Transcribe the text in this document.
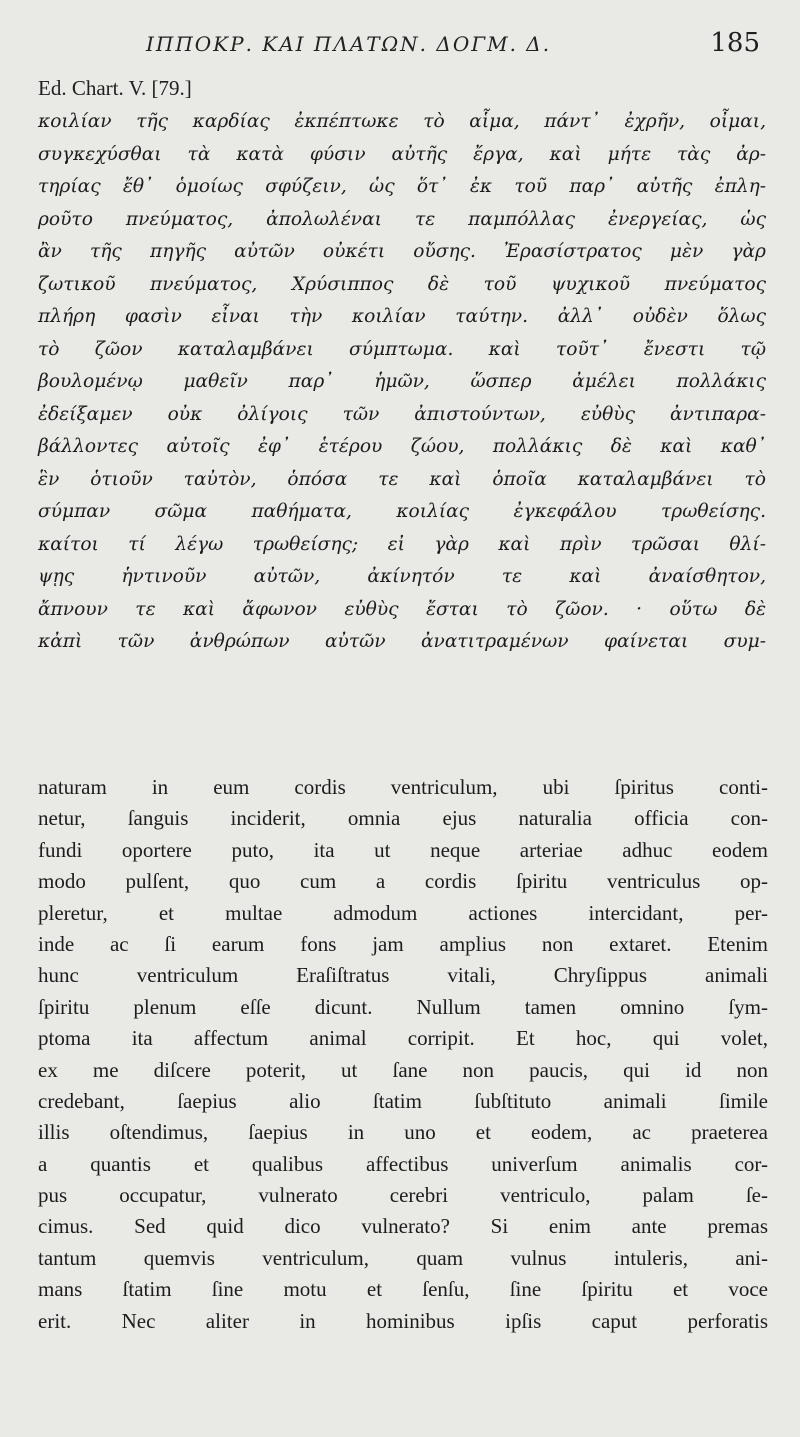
ΙΠΠΟΚΡ. ΚΑΙ ΠΛΑΤΩΝ. ΔΟΓΜ. Δ.	185
Ed. Chart. V. [79.]
κοιλίαν τῆς καρδίας ἐκπέπτωκε τὸ αἷμα, πάντ᾽ ἐχρῆν, οἶμαι,
συγκεχύσθαι τὰ κατὰ φύσιν αὐτῆς ἔργα, καὶ μήτε τὰς ἀρ-
τηρίας ἔθ᾽ ὁμοίως σφύζειν, ὡς ὅτ᾽ ἐκ τοῦ παρ᾽ αὐτῆς ἐπλη-
ροῦτο πνεύματος, ἀπολωλέναι τε παμπόλλας ἐνεργείας, ὡς
ἂν τῆς πηγῆς αὐτῶν οὐκέτι οὔσης. Ἐρασίστρατος μὲν γὰρ
ζωτικοῦ πνεύματος, Χρύσιππος δὲ τοῦ ψυχικοῦ πνεύματος
πλήρη φασὶν εἶναι τὴν κοιλίαν ταύτην. ἀλλ᾽ οὐδὲν ὅλως
τὸ ζῶον καταλαμβάνει σύμπτωμα. καὶ τοῦτ᾽ ἔνεστι τῷ
βουλομένῳ μαθεῖν παρ᾽ ἡμῶν, ὥσπερ ἀμέλει πολλάκις
ἐδείξαμεν οὐκ ὀλίγοις τῶν ἀπιστούντων, εὐθὺς ἀντιπαρα-
βάλλοντες αὐτοῖς ἐφ᾽ ἑτέρου ζώου, πολλάκις δὲ καὶ καθ᾽
ἓν ὁτιοῦν ταὐτὸν, ὁπόσα τε καὶ ὁποῖα καταλαμβάνει τὸ
σύμπαν σῶμα παθήματα, κοιλίας ἐγκεφάλου τρωθείσης.
καίτοι τί λέγω τρωθείσης; εἰ γὰρ καὶ πρὶν τρῶσαι θλί-
ψῃς ἡντινοῦν αὐτῶν, ἀκίνητόν τε καὶ ἀναίσθητον,
ἄπνουν τε καὶ ἄφωνον εὐθὺς ἔσται τὸ ζῶον. · οὕτω δὲ
κἀπὶ τῶν ἀνθρώπων αὐτῶν ἀνατιτραμένων φαίνεται συμ-
naturam in eum cordis ventriculum, ubi ſpiritus conti-
netur, ſanguis inciderit, omnia ejus naturalia officia con-
fundi oportere puto, ita ut neque arteriae adhuc eodem
modo pulſent, quo cum a cordis ſpiritu ventriculus op-
pleretur, et multae admodum actiones intercidant, per-
inde ac ſi earum fons jam amplius non extaret. Etenim
hunc ventriculum Eraſiſtratus vitali, Chryſippus animali
ſpiritu plenum eſſe dicunt. Nullum tamen omnino ſym-
ptoma ita affectum animal corripit. Et hoc, qui volet,
ex me diſcere poterit, ut ſane non paucis, qui id non
credebant, ſaepius alio ſtatim ſubſtituto animali ſimile
illis oſtendimus, ſaepius in uno et eodem, ac praeterea
a quantis et qualibus affectibus univerſum animalis cor-
pus occupatur, vulnerato cerebri ventriculo, palam ſe-
cimus. Sed quid dico vulnerato? Si enim ante premas
tantum quemvis ventriculum, quam vulnus intuleris, ani-
mans ſtatim ſine motu et ſenſu, ſine ſpiritu et voce
erit. Nec aliter in hominibus ipſis caput perforatis
